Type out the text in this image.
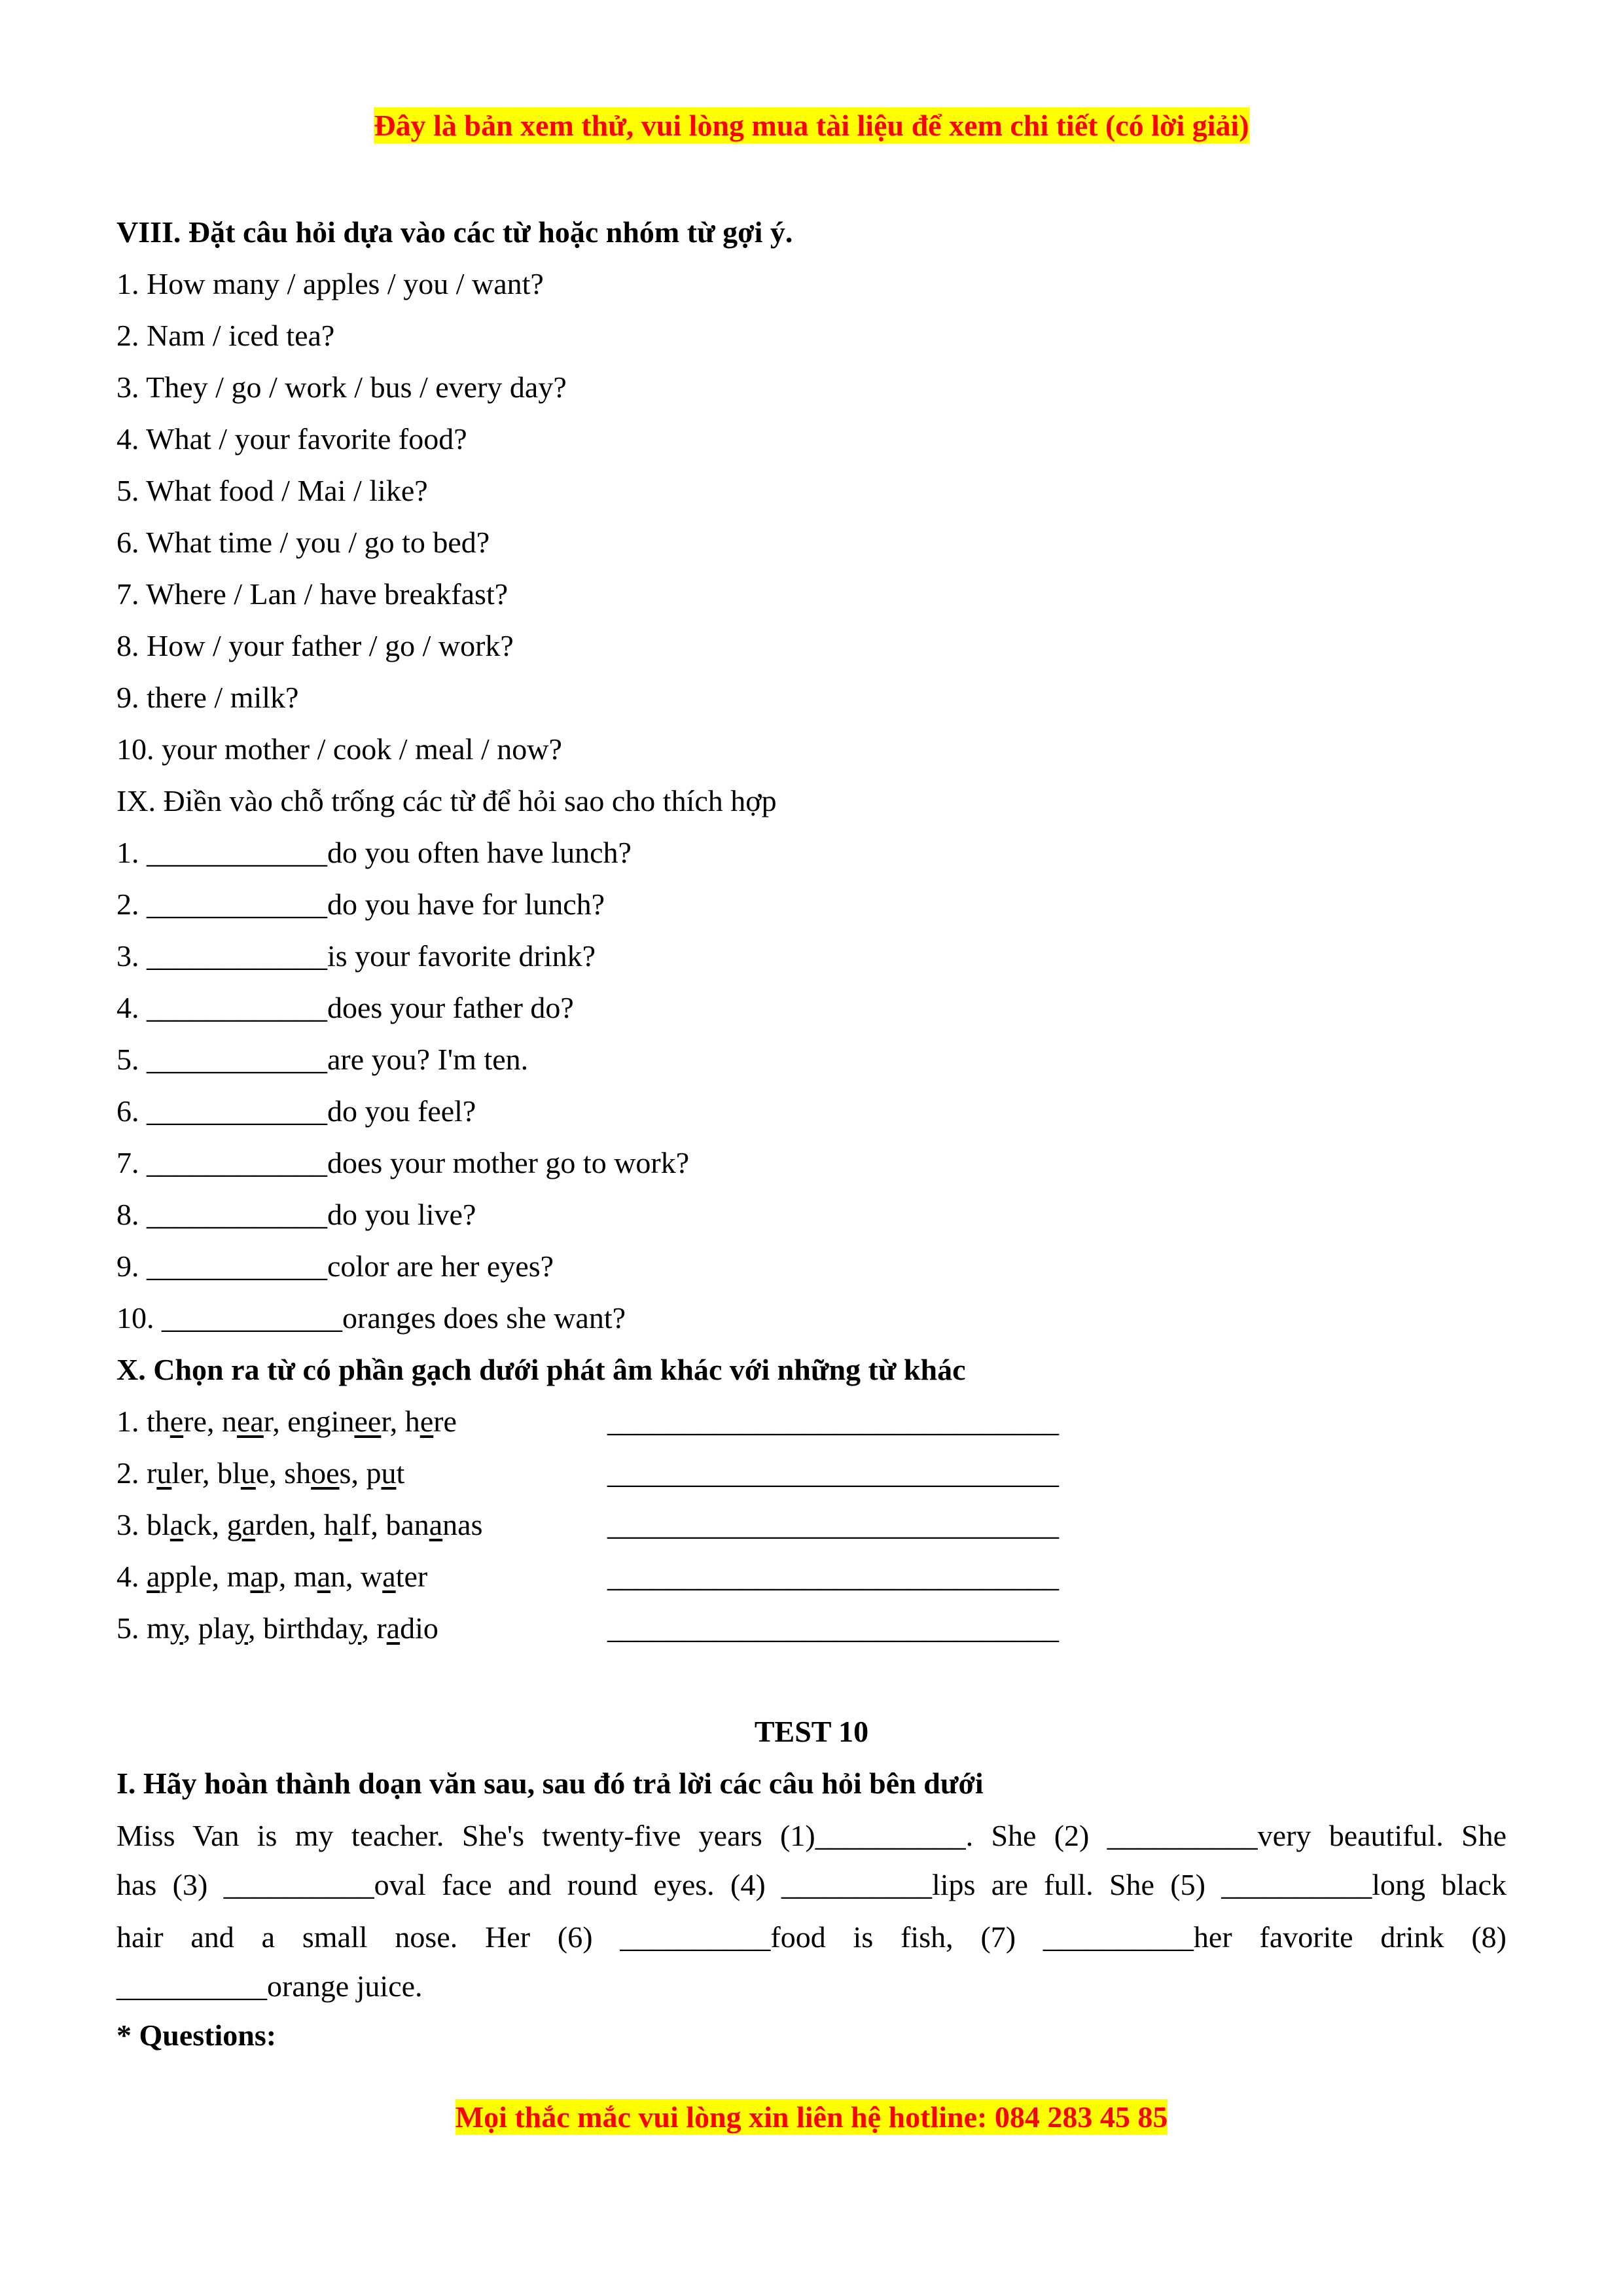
Đây là bản xem thử, vui lòng mua tài liệu để xem chi tiết (có lời giải)
VIII. Đặt câu hỏi dựa vào các từ hoặc nhóm từ gợi ý.
1. How many / apples / you / want?
2. Nam / iced tea?
3. They / go / work / bus / every day?
4. What / your favorite food?
5. What food / Mai / like?
6. What time / you / go to bed?
7. Where / Lan / have breakfast?
8. How / your father / go / work?
9. there / milk?
10. your mother / cook / meal / now?
IX. Điền vào chỗ trống các từ để hỏi sao cho thích hợp
1. ____________do you often have lunch?
2. ____________do you have for lunch?
3. ____________is your favorite drink?
4. ____________does your father do?
5. ____________are you? I'm ten.
6. ____________do you feel?
7. ____________does your mother go to work?
8. ____________do you live?
9. ____________color are her eyes?
10. ____________oranges does she want?
X. Chọn ra từ có phần gạch dưới phát âm khác với những từ khác
1. there, near, engineer, here	______________________________
2. ruler, blue, shoes, put	______________________________
3. black, garden, half, bananas	______________________________
4. apple, map, man, water	______________________________
5. my, play, birthday, radio	______________________________
TEST 10
I. Hãy hoàn thành doạn văn sau, sau đó trả lời các câu hỏi bên dưới
Miss Van is my teacher. She's twenty-five years (1)__________. She (2) __________very beautiful. She
has (3) __________oval face and round eyes. (4) __________lips are full. She (5) __________long black
hair and a small nose. Her (6) __________food is fish, (7) __________her favorite drink (8)
__________orange juice.
* Questions:
Mọi thắc mắc vui lòng xin liên hệ hotline: 084 283 45 85
